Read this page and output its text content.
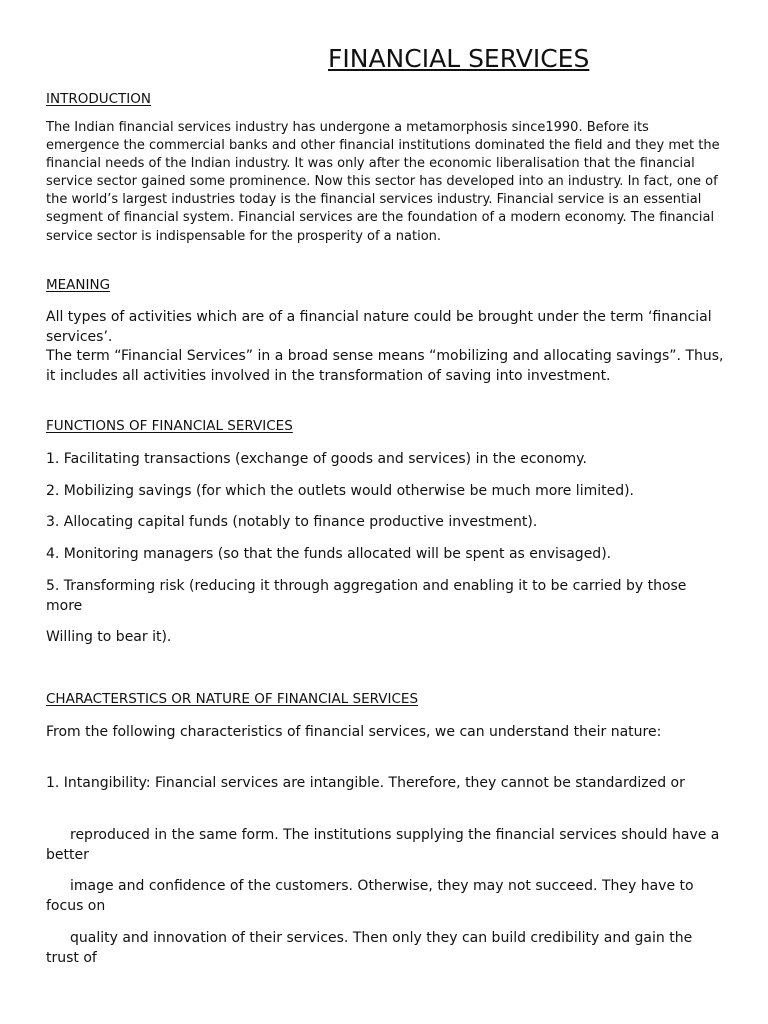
FINANCIAL SERVICES
INTRODUCTION
The Indian financial services industry has undergone a metamorphosis since1990. Before its emergence the commercial banks and other financial institutions dominated the field and they met the financial needs of the Indian industry. It was only after the economic liberalisation that the financial service sector gained some prominence. Now this sector has developed into an industry. In fact, one of the world’s largest industries today is the financial services industry. Financial service is an essential segment of financial system. Financial services are the foundation of a modern economy. The financial service sector is indispensable for the prosperity of a nation.
MEANING
All types of activities which are of a financial nature could be brought under the term ‘financial services’.
The term “Financial Services” in a broad sense means “mobilizing and allocating savings”. Thus, it includes all activities involved in the transformation of saving into investment.
FUNCTIONS OF FINANCIAL SERVICES
1. Facilitating transactions (exchange of goods and services) in the economy.
2. Mobilizing savings (for which the outlets would otherwise be much more limited).
3. Allocating capital funds (notably to finance productive investment).
4. Monitoring managers (so that the funds allocated will be spent as envisaged).
5. Transforming risk (reducing it through aggregation and enabling it to be carried by those more
Willing to bear it).
CHARACTERSTICS OR NATURE OF FINANCIAL SERVICES
From the following characteristics of financial services, we can understand their nature:
1. Intangibility: Financial services are intangible. Therefore, they cannot be standardized or
reproduced in the same form. The institutions supplying the financial services should have a better
image and confidence of the customers. Otherwise, they may not succeed. They have to focus on
quality and innovation of their services. Then only they can build credibility and gain the trust of
